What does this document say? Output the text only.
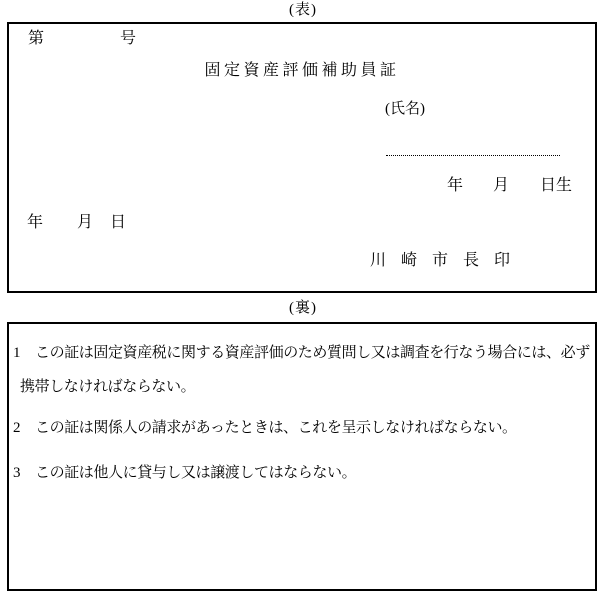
(表)
第	号
固定資産評価補助員証
(氏名)
年 月 日生
年 月 日
川崎市長印
(裏)
1 この証は固定資産税に関する資産評価のため質問し又は調査を行なう場合には、必ず
携帯しなければならない。
2 この証は関係人の請求があったときは、これを呈示しなければならない。
3 この証は他人に貸与し又は譲渡してはならない。
